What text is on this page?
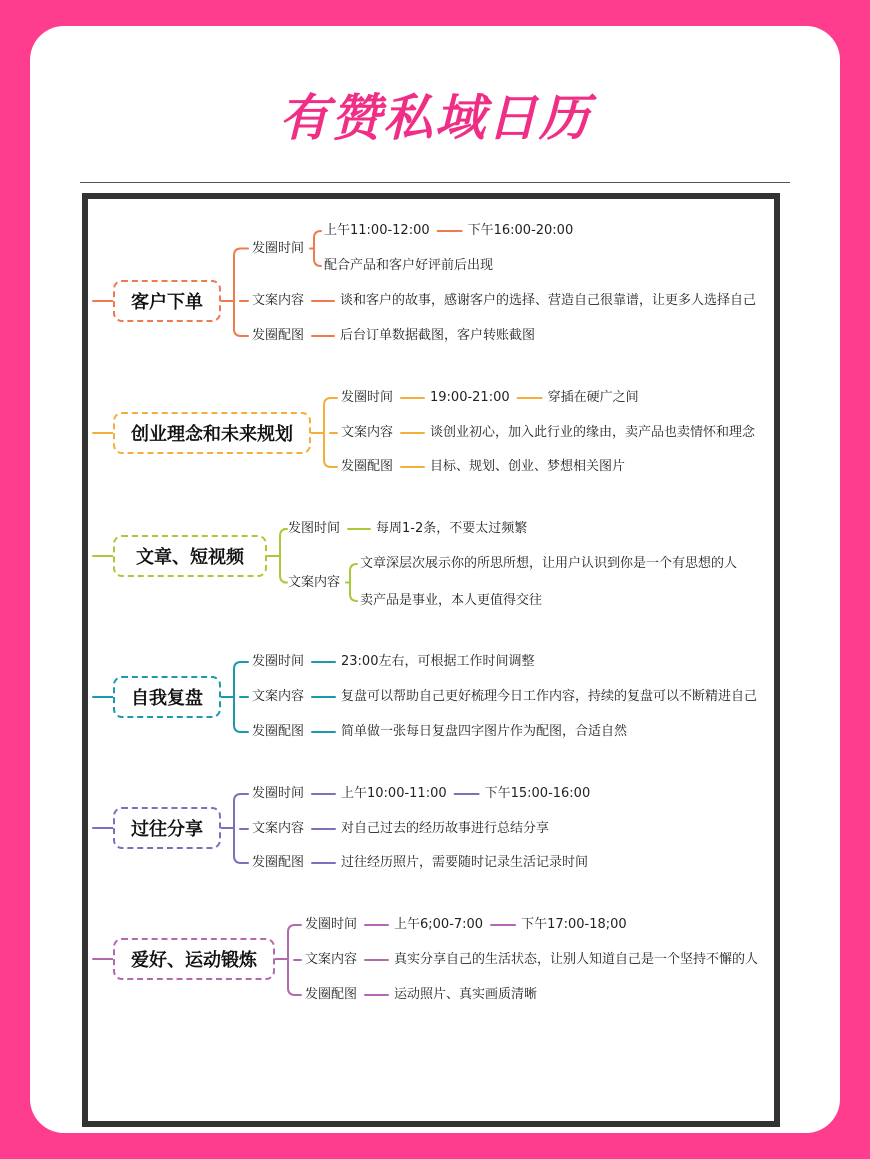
有赞私域日历
客户下单
发圈时间
上午11:00-12:00	下午16:00-20:00
配合产品和客户好评前后出现
文案内容	谈和客户的故事，感谢客户的选择、营造自己很靠谱，让更多人选择自己
发圈配图	后台订单数据截图，客户转账截图
创业理念和未来规划
发圈时间	19:00-21:00	穿插在硬广之间
文案内容	谈创业初心，加入此行业的缘由，卖产品也卖情怀和理念
发圈配图	目标、规划、创业、梦想相关图片
文章、短视频
发图时间	每周1-2条，不要太过频繁
文案内容
文章深层次展示你的所思所想，让用户认识到你是一个有思想的人
卖产品是事业，本人更值得交往
自我复盘
发圈时间	23:00左右，可根据工作时间调整
文案内容	复盘可以帮助自己更好梳理今日工作内容，持续的复盘可以不断精进自己
发圈配图	简单做一张每日复盘四字图片作为配图，合适自然
过往分享
发圈时间	上午10:00-11:00	下午15:00-16:00
文案内容	对自己过去的经历故事进行总结分享
发圈配图	过往经历照片，需要随时记录生活记录时间
爱好、运动锻炼
发圈时间	上午6;00-7:00	下午17:00-18;00
文案内容	真实分享自己的生活状态，让别人知道自己是一个坚持不懈的人
发圈配图	运动照片、真实画质清晰
